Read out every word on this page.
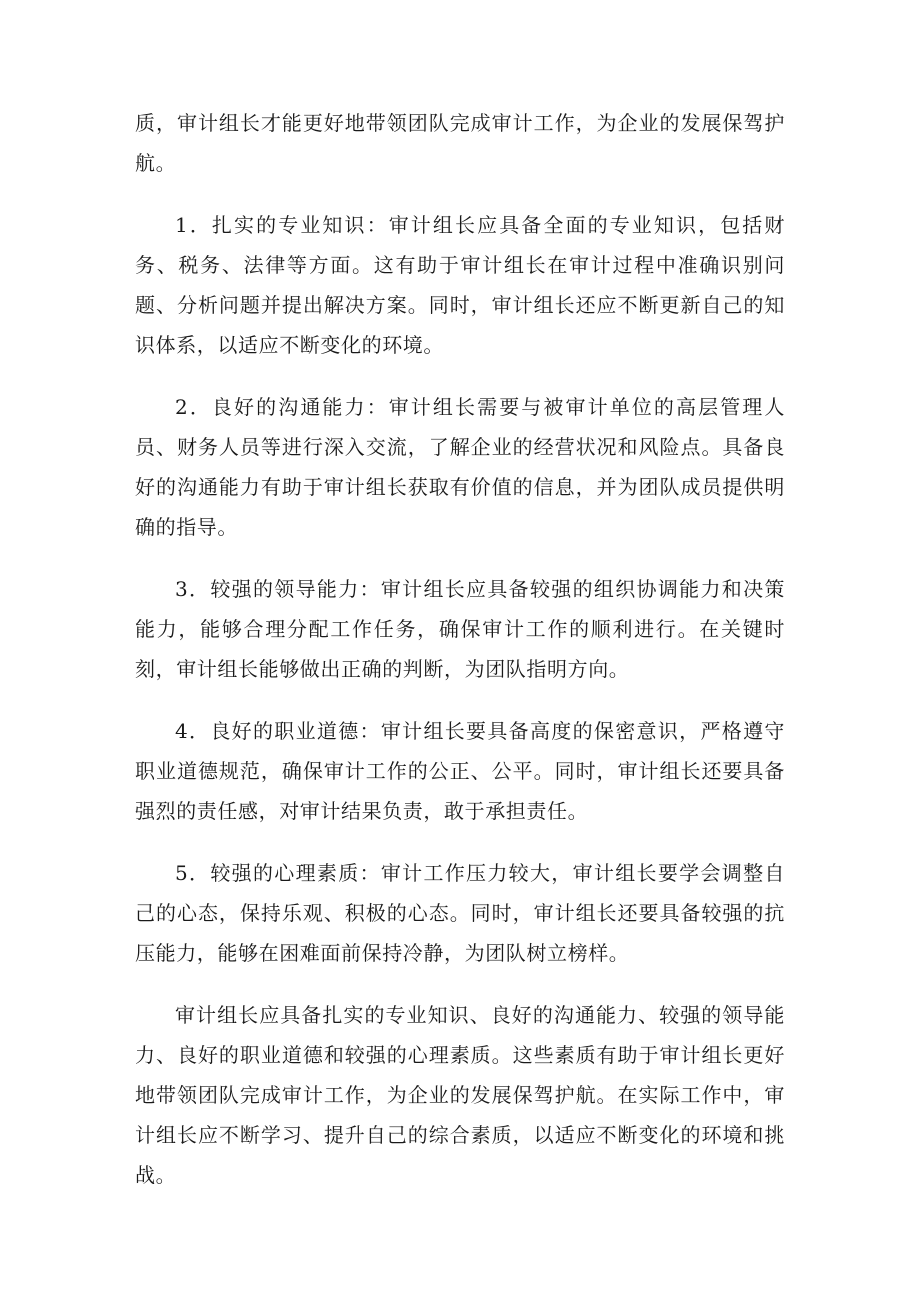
质，审计组长才能更好地带领团队完成审计工作，为企业的发展保驾护航。

1．扎实的专业知识：审计组长应具备全面的专业知识，包括财务、税务、法律等方面。这有助于审计组长在审计过程中准确识别问题、分析问题并提出解决方案。同时，审计组长还应不断更新自己的知识体系，以适应不断变化的环境。

2．良好的沟通能力：审计组长需要与被审计单位的高层管理人员、财务人员等进行深入交流，了解企业的经营状况和风险点。具备良好的沟通能力有助于审计组长获取有价值的信息，并为团队成员提供明确的指导。

3．较强的领导能力：审计组长应具备较强的组织协调能力和决策能力，能够合理分配工作任务，确保审计工作的顺利进行。在关键时刻，审计组长能够做出正确的判断，为团队指明方向。

4．良好的职业道德：审计组长要具备高度的保密意识，严格遵守职业道德规范，确保审计工作的公正、公平。同时，审计组长还要具备强烈的责任感，对审计结果负责，敢于承担责任。

5．较强的心理素质：审计工作压力较大，审计组长要学会调整自己的心态，保持乐观、积极的心态。同时，审计组长还要具备较强的抗压能力，能够在困难面前保持冷静，为团队树立榜样。

审计组长应具备扎实的专业知识、良好的沟通能力、较强的领导能力、良好的职业道德和较强的心理素质。这些素质有助于审计组长更好地带领团队完成审计工作，为企业的发展保驾护航。在实际工作中，审计组长应不断学习、提升自己的综合素质，以适应不断变化的环境和挑战。
